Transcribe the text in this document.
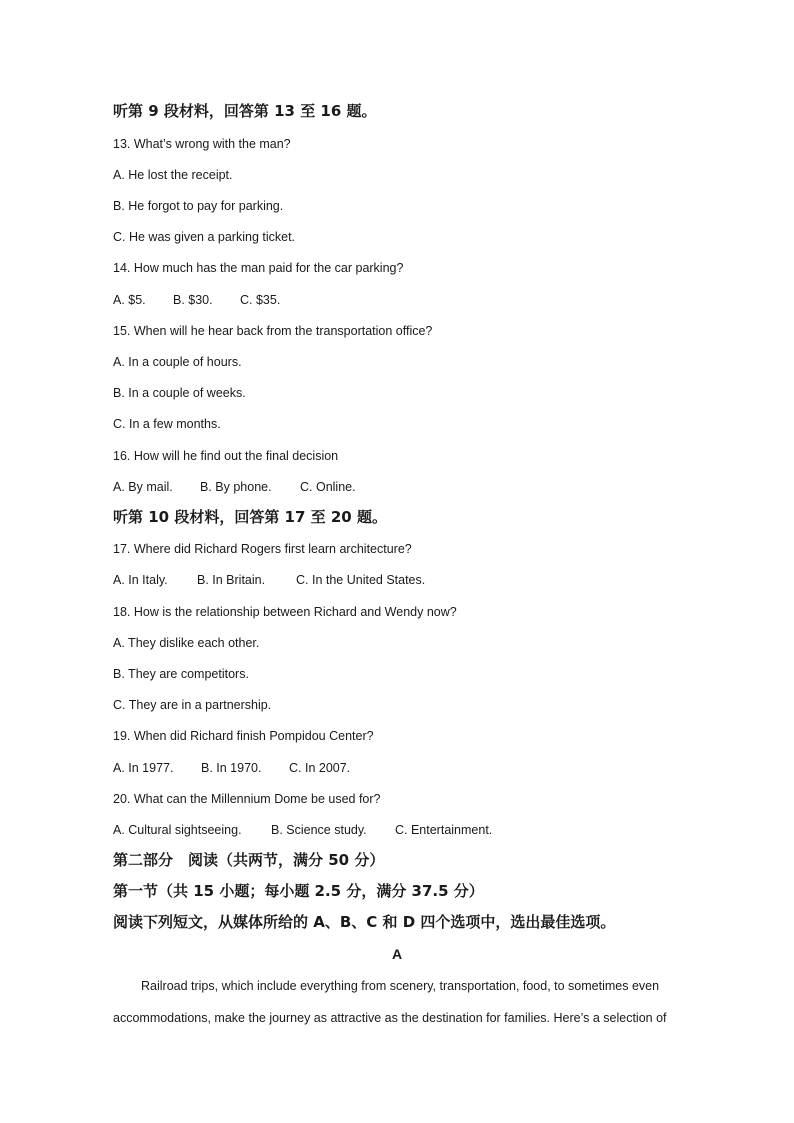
听第 9 段材料，回答第 13 至 16 题。
13. What’s wrong with the man?
A. He lost the receipt.
B. He forgot to pay for parking.
C. He was given a parking ticket.
14. How much has the man paid for the car parking?
A. $5. B. $30. C. $35.
15. When will he hear back from the transportation office?
A. In a couple of hours.
B. In a couple of weeks.
C. In a few months.
16. How will he find out the final decision
A. By mail. B. By phone. C. Online.
听第 10 段材料，回答第 17 至 20 题。
17. Where did Richard Rogers first learn architecture?
A. In Italy. B. In Britain. C. In the United States.
18. How is the relationship between Richard and Wendy now?
A. They dislike each other.
B. They are competitors.
C. They are in a partnership.
19. When did Richard finish Pompidou Center?
A. In 1977. B. In 1970. C. In 2007.
20. What can the Millennium Dome be used for?
A. Cultural sightseeing. B. Science study. C. Entertainment.
第二部分　阅读（共两节，满分 50 分）
第一节（共 15 小题；每小题 2.5 分，满分 37.5 分）
阅读下列短文，从媒体所给的 A、B、C 和 D 四个选项中，选出最佳选项。
A
Railroad trips, which include everything from scenery, transportation, food, to sometimes even
accommodations, make the journey as attractive as the destination for families. Here’s a selection of
